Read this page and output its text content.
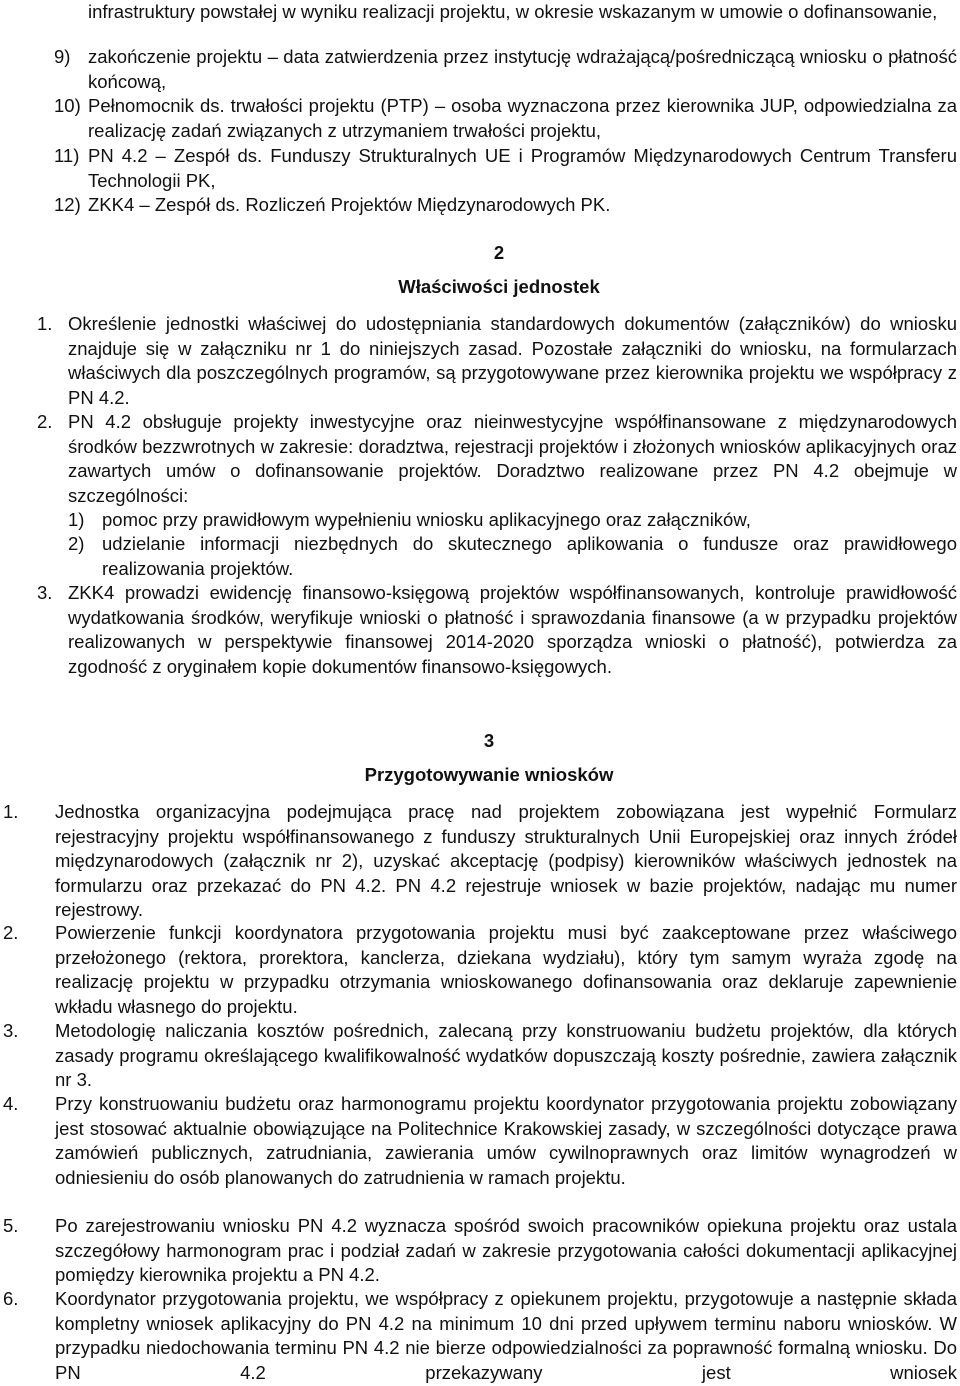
infrastruktury powstałej w wyniku realizacji projektu, w okresie wskazanym w umowie o dofinansowanie,
9) zakończenie projektu – data zatwierdzenia przez instytucję wdrażającą/pośredniczącą wniosku o płatność końcową,
10) Pełnomocnik ds. trwałości projektu (PTP) – osoba wyznaczona przez kierownika JUP, odpowiedzialna za realizację zadań związanych z utrzymaniem trwałości projektu,
11) PN 4.2 – Zespół ds. Funduszy Strukturalnych UE i Programów Międzynarodowych Centrum Transferu Technologii PK,
12) ZKK4 – Zespół ds. Rozliczeń Projektów Międzynarodowych PK.
2
Właściwości jednostek
1. Określenie jednostki właściwej do udostępniania standardowych dokumentów (załączników) do wniosku znajduje się w załączniku nr 1 do niniejszych zasad. Pozostałe załączniki do wniosku, na formularzach właściwych dla poszczególnych programów, są przygotowywane przez kierownika projektu we współpracy z PN 4.2.
2. PN 4.2 obsługuje projekty inwestycyjne oraz nieinwestycyjne współfinansowane z międzynarodowych środków bezzwrotnych w zakresie: doradztwa, rejestracji projektów i złożonych wniosków aplikacyjnych oraz zawartych umów o dofinansowanie projektów. Doradztwo realizowane przez PN 4.2 obejmuje w szczególności:
1) pomoc przy prawidłowym wypełnieniu wniosku aplikacyjnego oraz załączników,
2) udzielanie informacji niezbędnych do skutecznego aplikowania o fundusze oraz prawidłowego realizowania projektów.
3. ZKK4 prowadzi ewidencję finansowo-księgową projektów współfinansowanych, kontroluje prawidłowość wydatkowania środków, weryfikuje wnioski o płatność i sprawozdania finansowe (a w przypadku projektów realizowanych w perspektywie finansowej 2014-2020 sporządza wnioski o płatność), potwierdza za zgodność z oryginałem kopie dokumentów finansowo-księgowych.
3
Przygotowywanie wniosków
1.	Jednostka organizacyjna podejmująca pracę nad projektem zobowiązana jest wypełnić Formularz rejestracyjny projektu współfinansowanego z funduszy strukturalnych Unii Europejskiej oraz innych źródeł międzynarodowych (załącznik nr 2), uzyskać akceptację (podpisy) kierowników właściwych jednostek na formularzu oraz przekazać do PN 4.2. PN 4.2 rejestruje wniosek w bazie projektów, nadając mu numer rejestrowy.
2.	Powierzenie funkcji koordynatora przygotowania projektu musi być zaakceptowane przez właściwego przełożonego (rektora, prorektora, kanclerza, dziekana wydziału), który tym samym wyraża zgodę na realizację projektu w przypadku otrzymania wnioskowanego dofinansowania oraz deklaruje zapewnienie wkładu własnego do projektu.
3.	Metodologię naliczania kosztów pośrednich, zalecaną przy konstruowaniu budżetu projektów, dla których zasady programu określającego kwalifikowalność wydatków dopuszczają koszty pośrednie, zawiera załącznik nr 3.
4.	Przy konstruowaniu budżetu oraz harmonogramu projektu koordynator przygotowania projektu zobowiązany jest stosować aktualnie obowiązujące na Politechnice Krakowskiej zasady, w szczególności dotyczące prawa zamówień publicznych, zatrudniania, zawierania umów cywilnoprawnych oraz limitów wynagrodzeń w odniesieniu do osób planowanych do zatrudnienia w ramach projektu.
5.	Po zarejestrowaniu wniosku PN 4.2 wyznacza spośród swoich pracowników opiekuna projektu oraz ustala szczegółowy harmonogram prac i podział zadań w zakresie przygotowania całości dokumentacji aplikacyjnej pomiędzy kierownika projektu a PN 4.2.
6.	Koordynator przygotowania projektu, we współpracy z opiekunem projektu, przygotowuje a następnie składa kompletny wniosek aplikacyjny do PN 4.2 na minimum 10 dni przed upływem terminu naboru wniosków. W przypadku niedochowania terminu PN 4.2 nie bierze odpowiedzialności za poprawność formalną wniosku. Do PN 4.2 przekazywany jest wniosek
